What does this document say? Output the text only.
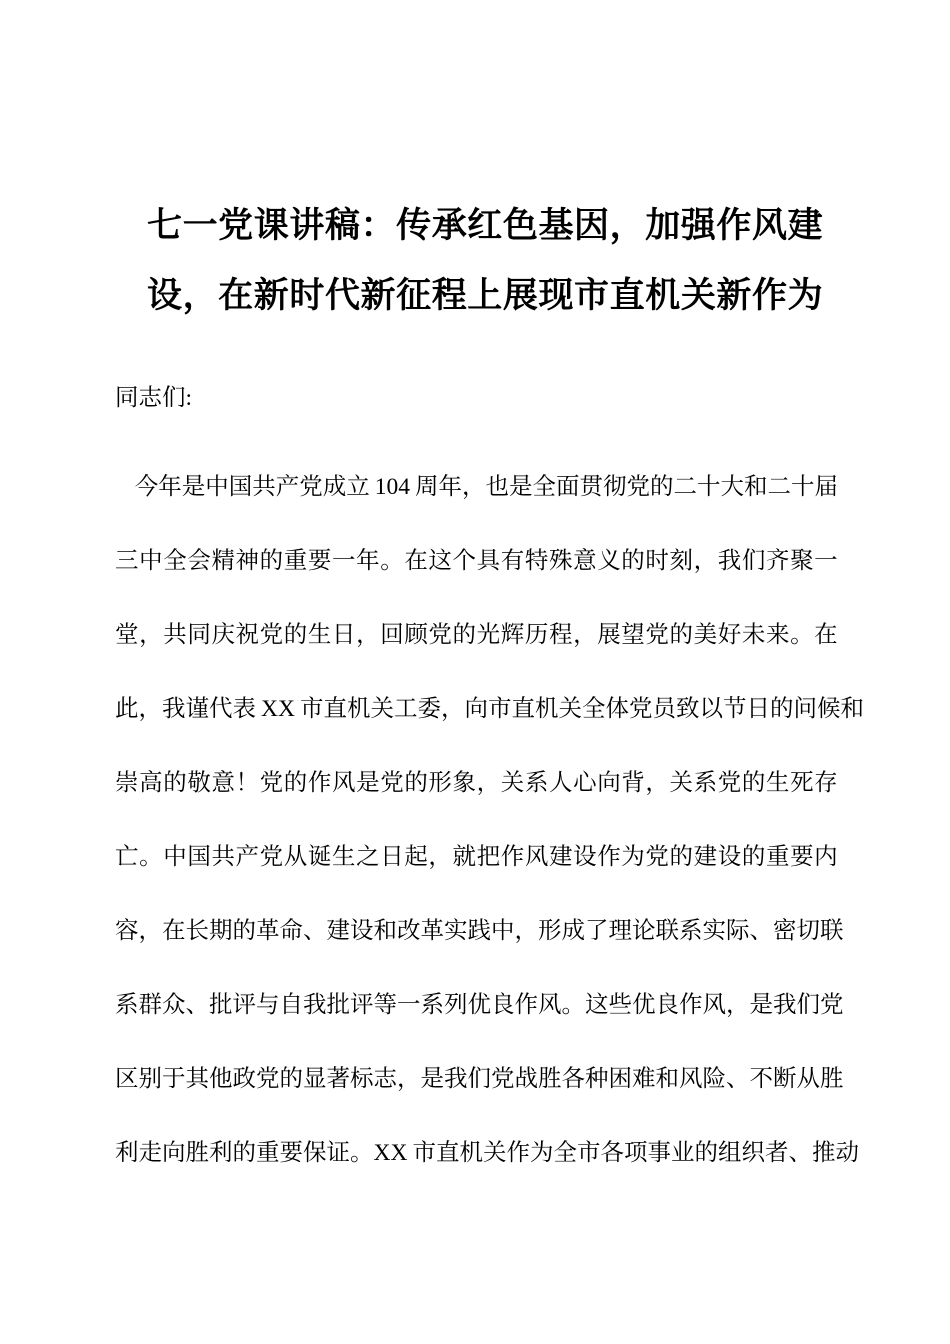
七一党课讲稿：传承红色基因，加强作风建
设，在新时代新征程上展现市直机关新作为
同志们:
今 年 是 中 国 共 产 党 成 立
104
周 年 ， 也 是 全 面 贯 彻 党 的 二 十 大 和 二 十 届
三 中 全 会 精 神 的 重 要 一 年 。 在 这 个 具 有 特 殊 意 义 的 时 刻 ， 我 们 齐 聚 一
堂 ， 共 同 庆 祝 党 的 生 日 ， 回 顾 党 的 光 辉 历 程 ， 展 望 党 的 美 好 未 来 。 在
此 ， 我 谨 代 表
XX
市 直 机 关 工 委 ， 向 市 直 机 关 全 体 党 员 致 以 节 日 的 问 候 和
崇 高 的 敬 意 ！ 党 的 作 风 是 党 的 形 象 ， 关 系 人 心 向 背 ， 关 系 党 的 生 死 存
亡 。 中 国 共 产 党 从 诞 生 之 日 起 ， 就 把 作 风 建 设 作 为 党 的 建 设 的 重 要 内
容 ， 在 长 期 的 革 命 、 建 设 和 改 革 实 践 中 ， 形 成 了 理 论 联 系 实 际 、 密 切 联
系 群 众 、 批 评 与 自 我 批 评 等 一 系 列 优 良 作 风 。 这 些 优 良 作 风 ， 是 我 们 党
区 别 于 其 他 政 党 的 显 著 标 志 ， 是 我 们 党 战 胜 各 种 困 难 和 风 险 、 不 断 从 胜
利 走 向 胜 利 的 重 要 保 证 。 XX
市 直 机 关 作 为 全 市 各 项 事 业 的 组 织 者 、 推 动
